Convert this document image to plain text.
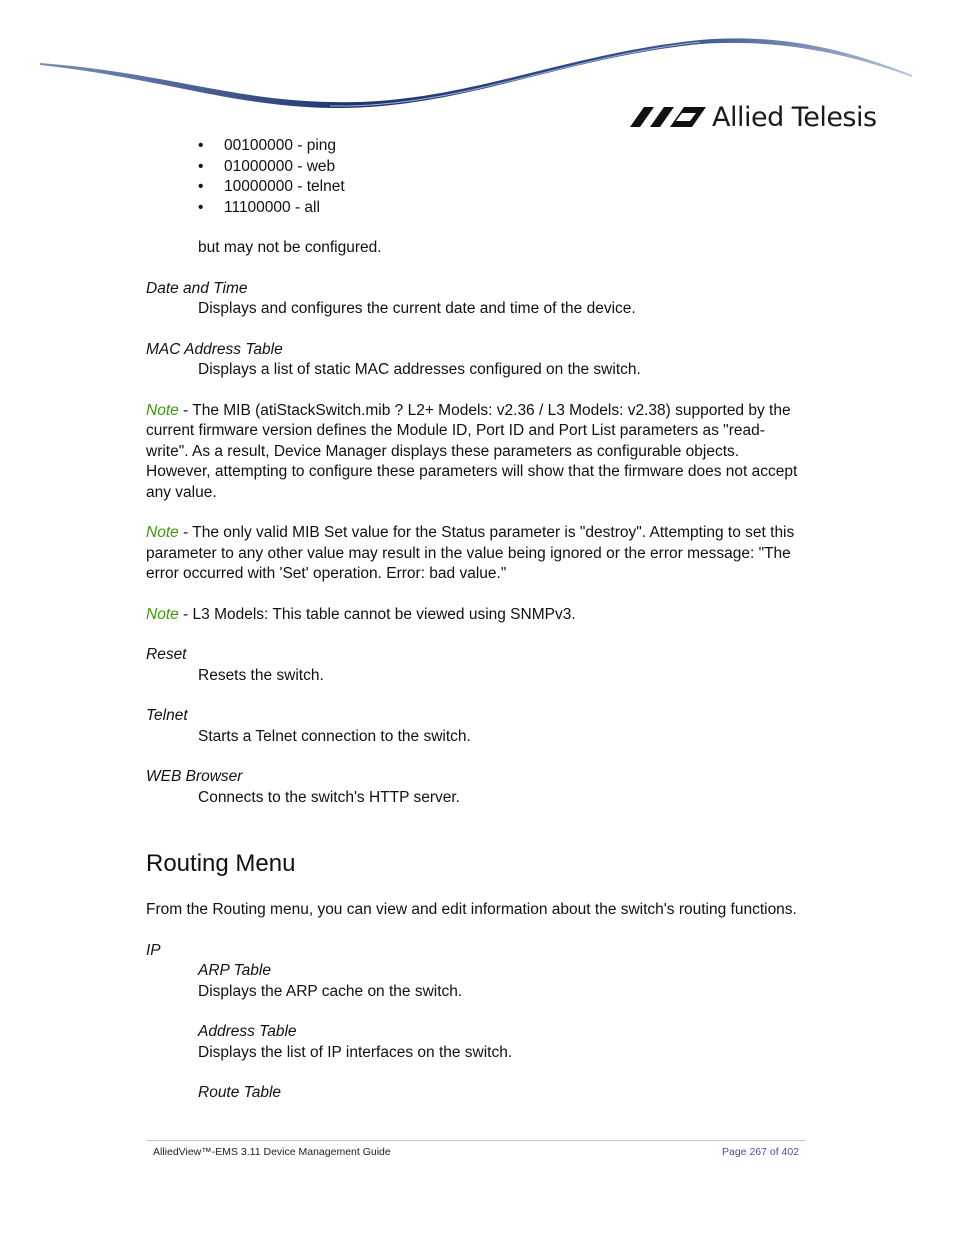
Allied Telesis
• 00100000 - ping
• 01000000 - web
• 10000000 - telnet
• 11100000 - all

but may not be configured.

Date and Time

Displays and configures the current date and time of the device.

MAC Address Table

Displays a list of static MAC addresses configured on the switch.

Note - The MIB (atiStackSwitch.mib ? L2+ Models: v2.36 / L3 Models: v2.38) supported by the current firmware version defines the Module ID, Port ID and Port List parameters as "read-write". As a result, Device Manager displays these parameters as configurable objects. However, attempting to configure these parameters will show that the firmware does not accept any value.

Note - The only valid MIB Set value for the Status parameter is "destroy". Attempting to set this parameter to any other value may result in the value being ignored or the error message: "The error occurred with 'Set' operation. Error: bad value."

Note - L3 Models: This table cannot be viewed using SNMPv3.

Reset

Resets the switch.

Telnet

Starts a Telnet connection to the switch.

WEB Browser

Connects to the switch's HTTP server.

Routing Menu

From the Routing menu, you can view and edit information about the switch's routing functions.

IP

ARP Table

Displays the ARP cache on the switch.

Address Table

Displays the list of IP interfaces on the switch.

Route Table

AlliedView™-EMS 3.11 Device Management Guide	Page 267 of 402
